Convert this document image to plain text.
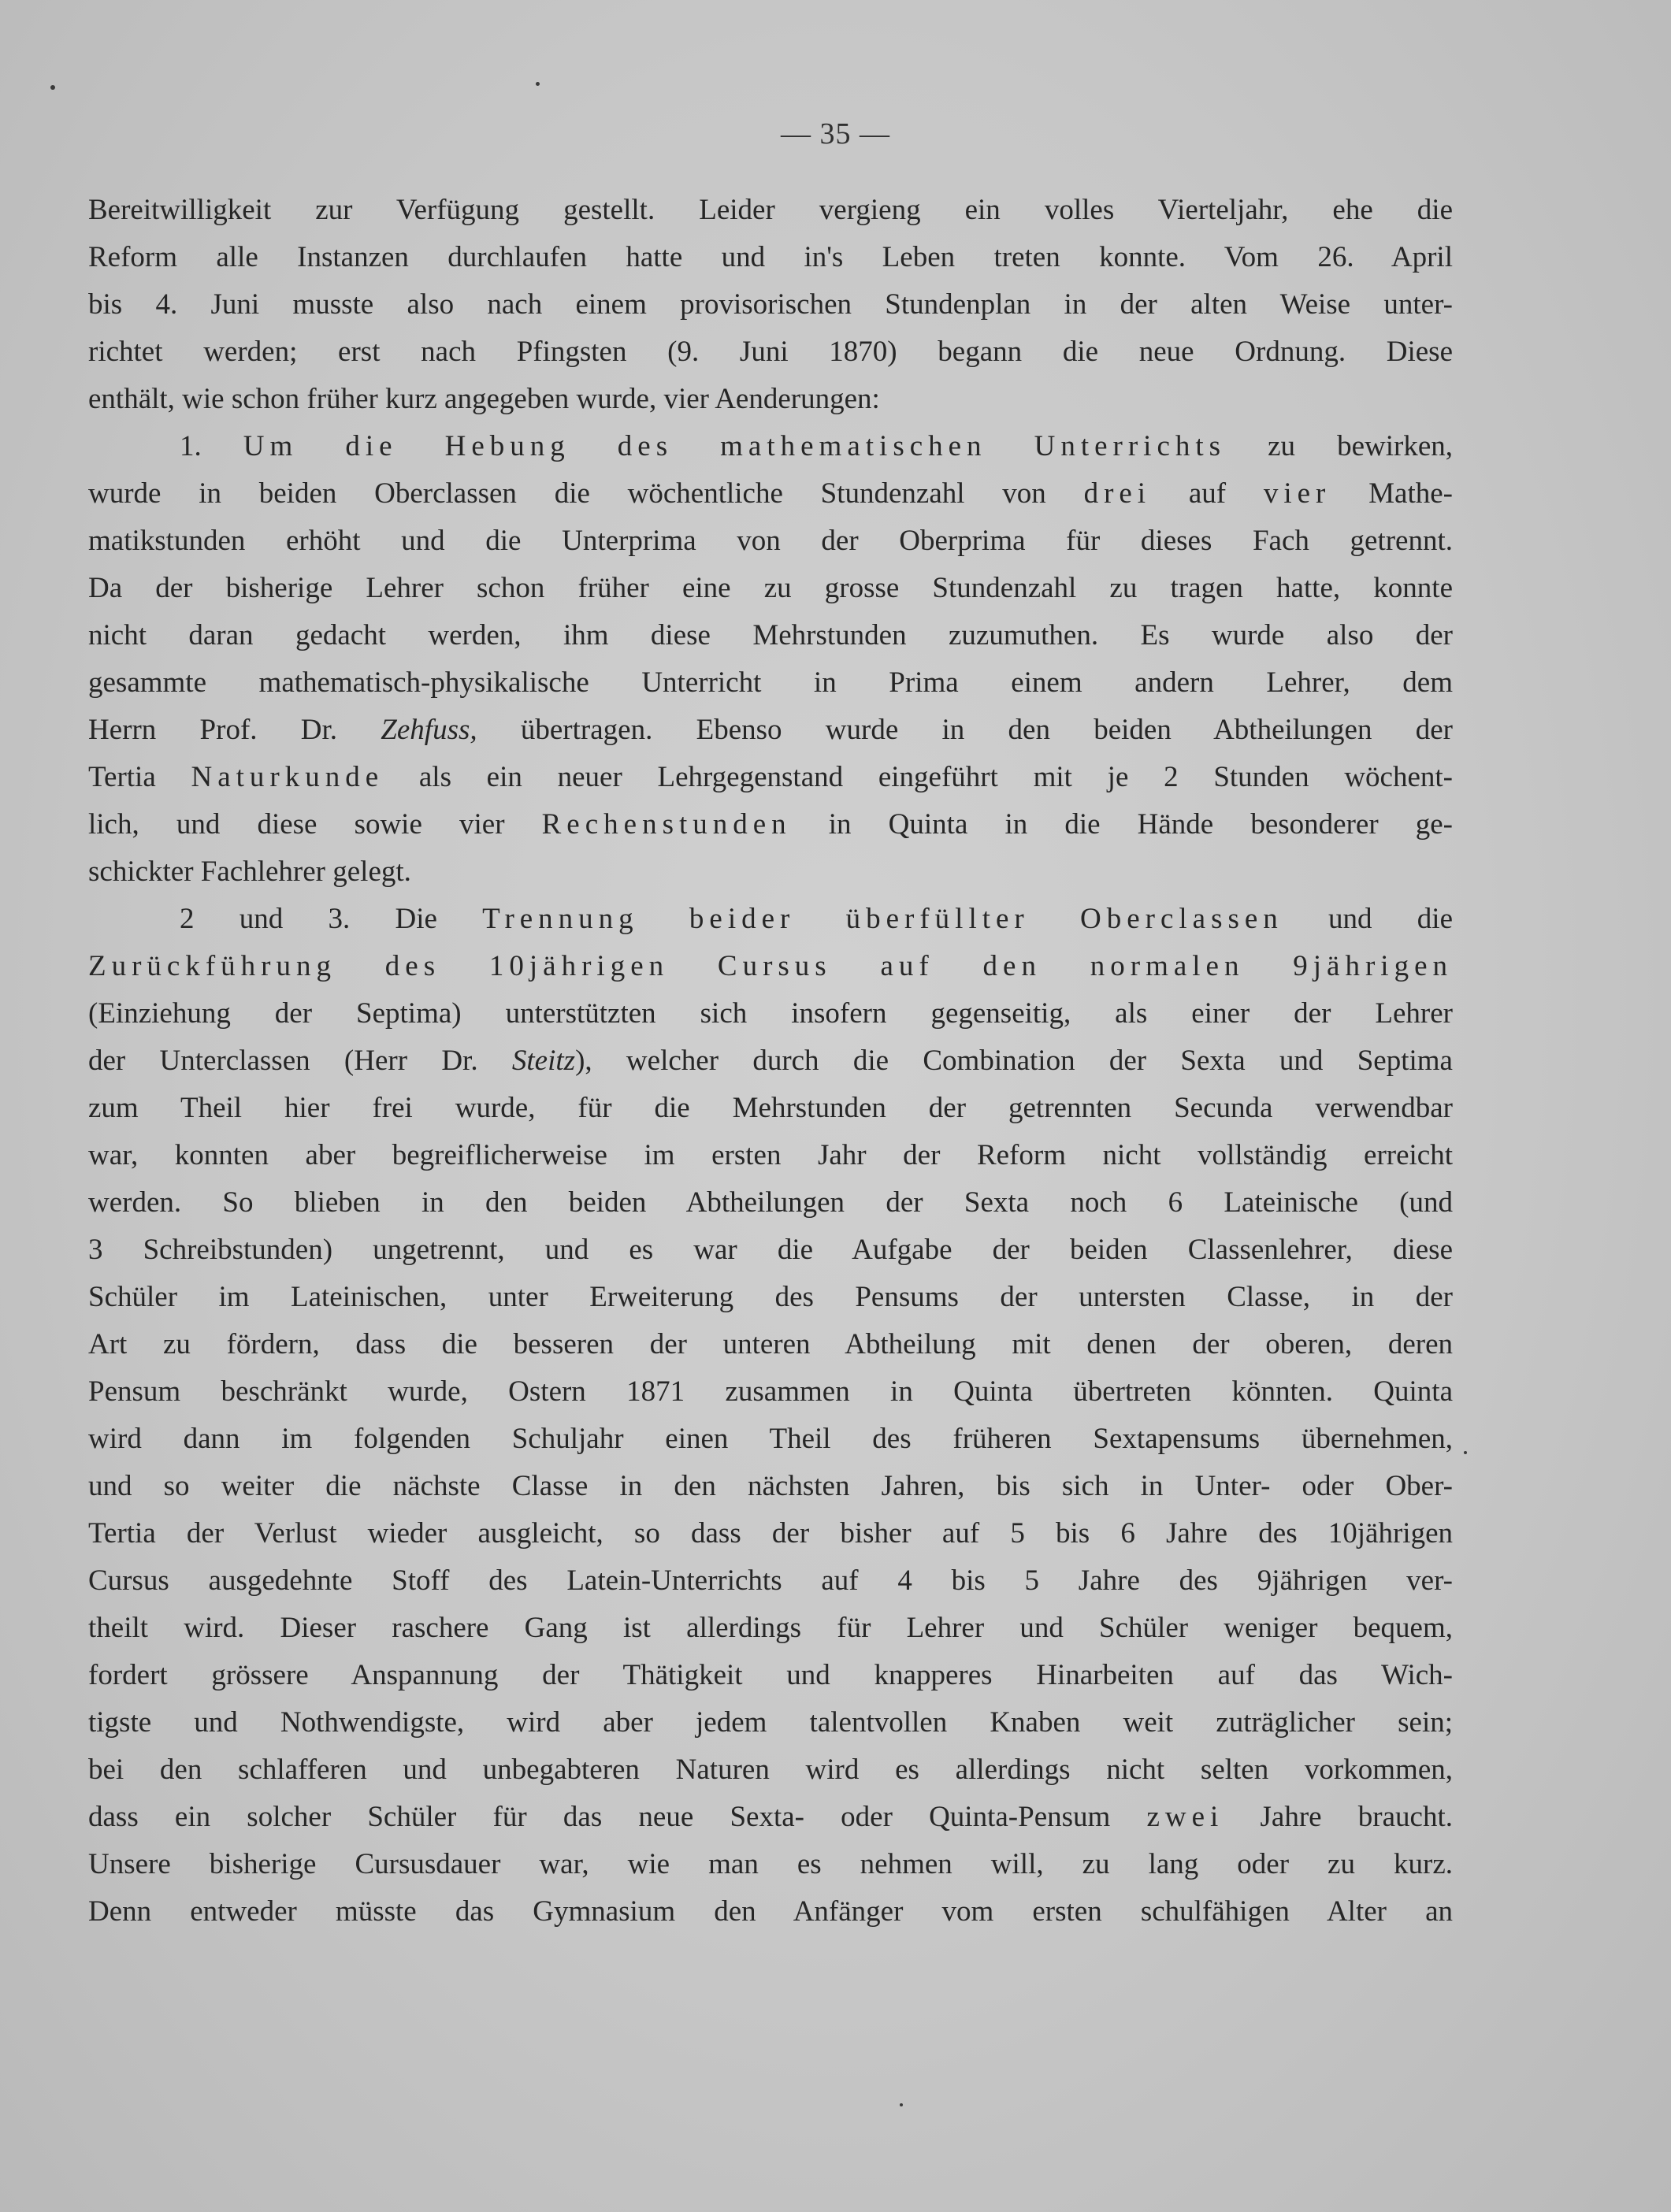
— 35 —
Bereitwilligkeit zur Verfügung gestellt. Leider vergieng ein volles Vierteljahr, ehe die
Reform alle Instanzen durchlaufen hatte und in's Leben treten konnte. Vom 26. April
bis 4. Juni musste also nach einem provisorischen Stundenplan in der alten Weise unter-
richtet werden; erst nach Pfingsten (9. Juni 1870) begann die neue Ordnung. Diese
enthält, wie schon früher kurz angegeben wurde, vier Aenderungen:
1. Um die Hebung des mathematischen Unterrichts zu bewirken,
wurde in beiden Oberclassen die wöchentliche Stundenzahl von drei auf vier Mathe-
matikstunden erhöht und die Unterprima von der Oberprima für dieses Fach getrennt.
Da der bisherige Lehrer schon früher eine zu grosse Stundenzahl zu tragen hatte, konnte
nicht daran gedacht werden, ihm diese Mehrstunden zuzumuthen. Es wurde also der
gesammte mathematisch-physikalische Unterricht in Prima einem andern Lehrer, dem
Herrn Prof. Dr. Zehfuss, übertragen. Ebenso wurde in den beiden Abtheilungen der
Tertia Naturkunde als ein neuer Lehrgegenstand eingeführt mit je 2 Stunden wöchent-
lich, und diese sowie vier Rechenstunden in Quinta in die Hände besonderer ge-
schickter Fachlehrer gelegt.
2 und 3. Die Trennung beider überfüllter Oberclassen und die
Zurückführung des 10jährigen Cursus auf den normalen 9jährigen
(Einziehung der Septima) unterstützten sich insofern gegenseitig, als einer der Lehrer
der Unterclassen (Herr Dr. Steitz), welcher durch die Combination der Sexta und Septima
zum Theil hier frei wurde, für die Mehrstunden der getrennten Secunda verwendbar
war, konnten aber begreiflicherweise im ersten Jahr der Reform nicht vollständig erreicht
werden. So blieben in den beiden Abtheilungen der Sexta noch 6 Lateinische (und
3 Schreibstunden) ungetrennt, und es war die Aufgabe der beiden Classenlehrer, diese
Schüler im Lateinischen, unter Erweiterung des Pensums der untersten Classe, in der
Art zu fördern, dass die besseren der unteren Abtheilung mit denen der oberen, deren
Pensum beschränkt wurde, Ostern 1871 zusammen in Quinta übertreten könnten. Quinta
wird dann im folgenden Schuljahr einen Theil des früheren Sextapensums übernehmen,
und so weiter die nächste Classe in den nächsten Jahren, bis sich in Unter- oder Ober-
Tertia der Verlust wieder ausgleicht, so dass der bisher auf 5 bis 6 Jahre des 10jährigen
Cursus ausgedehnte Stoff des Latein-Unterrichts auf 4 bis 5 Jahre des 9jährigen ver-
theilt wird. Dieser raschere Gang ist allerdings für Lehrer und Schüler weniger bequem,
fordert grössere Anspannung der Thätigkeit und knapperes Hinarbeiten auf das Wich-
tigste und Nothwendigste, wird aber jedem talentvollen Knaben weit zuträglicher sein;
bei den schlafferen und unbegabteren Naturen wird es allerdings nicht selten vorkommen,
dass ein solcher Schüler für das neue Sexta- oder Quinta-Pensum zwei Jahre braucht.
Unsere bisherige Cursusdauer war, wie man es nehmen will, zu lang oder zu kurz.
Denn entweder müsste das Gymnasium den Anfänger vom ersten schulfähigen Alter an
